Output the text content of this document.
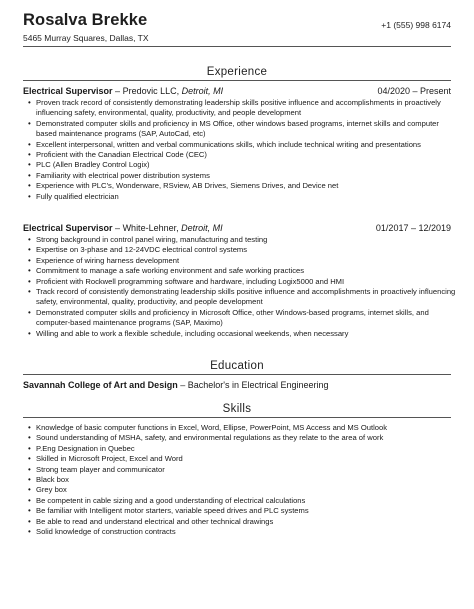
Rosalva Brekke	+1 (555) 998 6174
5465 Murray Squares, Dallas, TX
Experience
Electrical Supervisor – Predovic LLC, Detroit, MI	04/2020 – Present
• Proven track record of consistently demonstrating leadership skills positive influence and accomplishments in proactively influencing safety, environmental, quality, productivity, and people development
• Demonstrated computer skills and proficiency in MS Office, other windows based programs, internet skills and computer based maintenance programs (SAP, AutoCad, etc)
• Excellent interpersonal, written and verbal communications skills, which include technical writing and presentations
• Proficient with the Canadian Electrical Code (CEC)
• PLC (Allen Bradley Control Logix)
• Familiarity with electrical power distribution systems
• Experience with PLC’s, Wonderware, RSview, AB Drives, Siemens Drives, and Device net
• Fully qualified electrician
Electrical Supervisor – White-Lehner, Detroit, MI	01/2017 – 12/2019
• Strong background in control panel wiring, manufacturing and testing
• Expertise on 3-phase and 12-24VDC electrical control systems
• Experience of wiring harness development
• Commitment to manage a safe working environment and safe working practices
• Proficient with Rockwell programming software and hardware, including Logix5000 and HMI
• Track record of consistently demonstrating leadership skills positive influence and accomplishments in proactively influencing safety, environmental, quality, productivity, and people development
• Demonstrated computer skills and proficiency in Microsoft Office, other Windows-based programs, internet skills, and computer-based maintenance programs (SAP, Maximo)
• Willing and able to work a flexible schedule, including occasional weekends, when necessary
Education
Savannah College of Art and Design – Bachelor's in Electrical Engineering
Skills
• Knowledge of basic computer functions in Excel, Word, Ellipse, PowerPoint, MS Access and MS Outlook
• Sound understanding of MSHA, safety, and environmental regulations as they relate to the area of work
• P.Eng Designation in Quebec
• Skilled in Microsoft Project, Excel and Word
• Strong team player and communicator
• Black box
• Grey box
• Be competent in cable sizing and a good understanding of electrical calculations
• Be familiar with Intelligent motor starters, variable speed drives and PLC systems
• Be able to read and understand electrical and other technical drawings
• Solid knowledge of construction contracts
